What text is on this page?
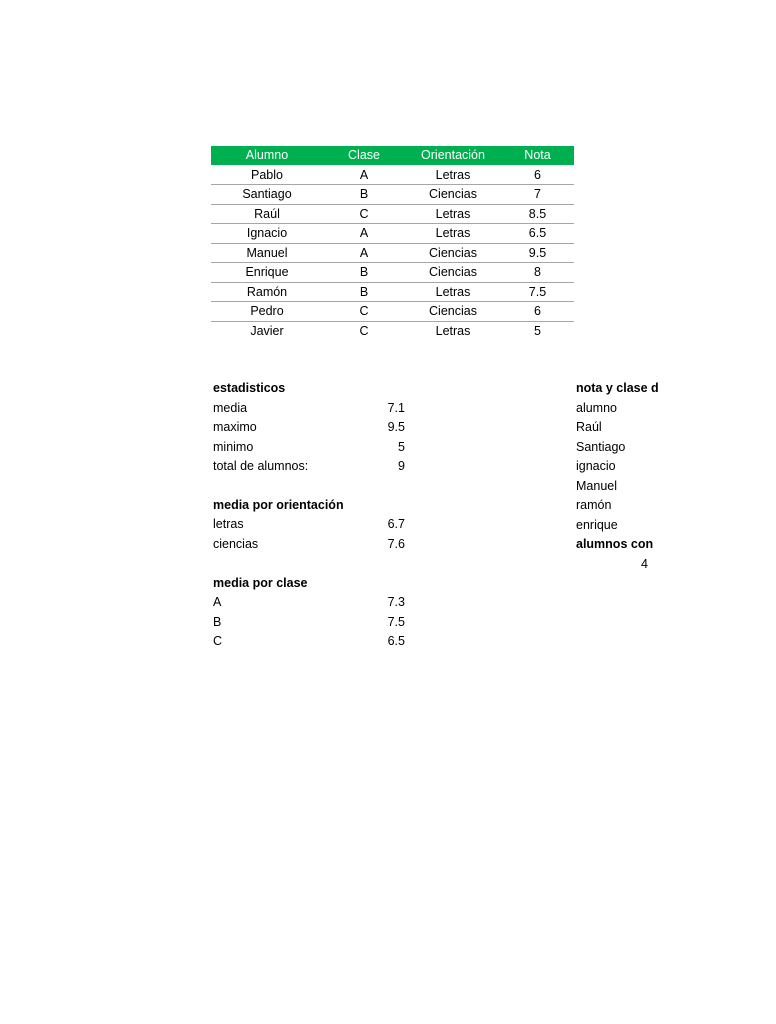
Alumno	Clase	Orientación	Nota
Pablo	A	Letras	6
Santiago	B	Ciencias	7
Raúl	C	Letras	8.5
Ignacio	A	Letras	6.5
Manuel	A	Ciencias	9.5
Enrique	B	Ciencias	8
Ramón	B	Letras	7.5
Pedro	C	Ciencias	6
Javier	C	Letras	5
estadisticos
media	7.1
maximo	9.5
minimo	5
total de alumnos:	9
media por orientación
letras	6.7
ciencias	7.6
media por clase
A	7.3
B	7.5
C	6.5
nota y clase d
alumno
Raúl
Santiago
ignacio
Manuel
ramón
enrique
alumnos con
4
